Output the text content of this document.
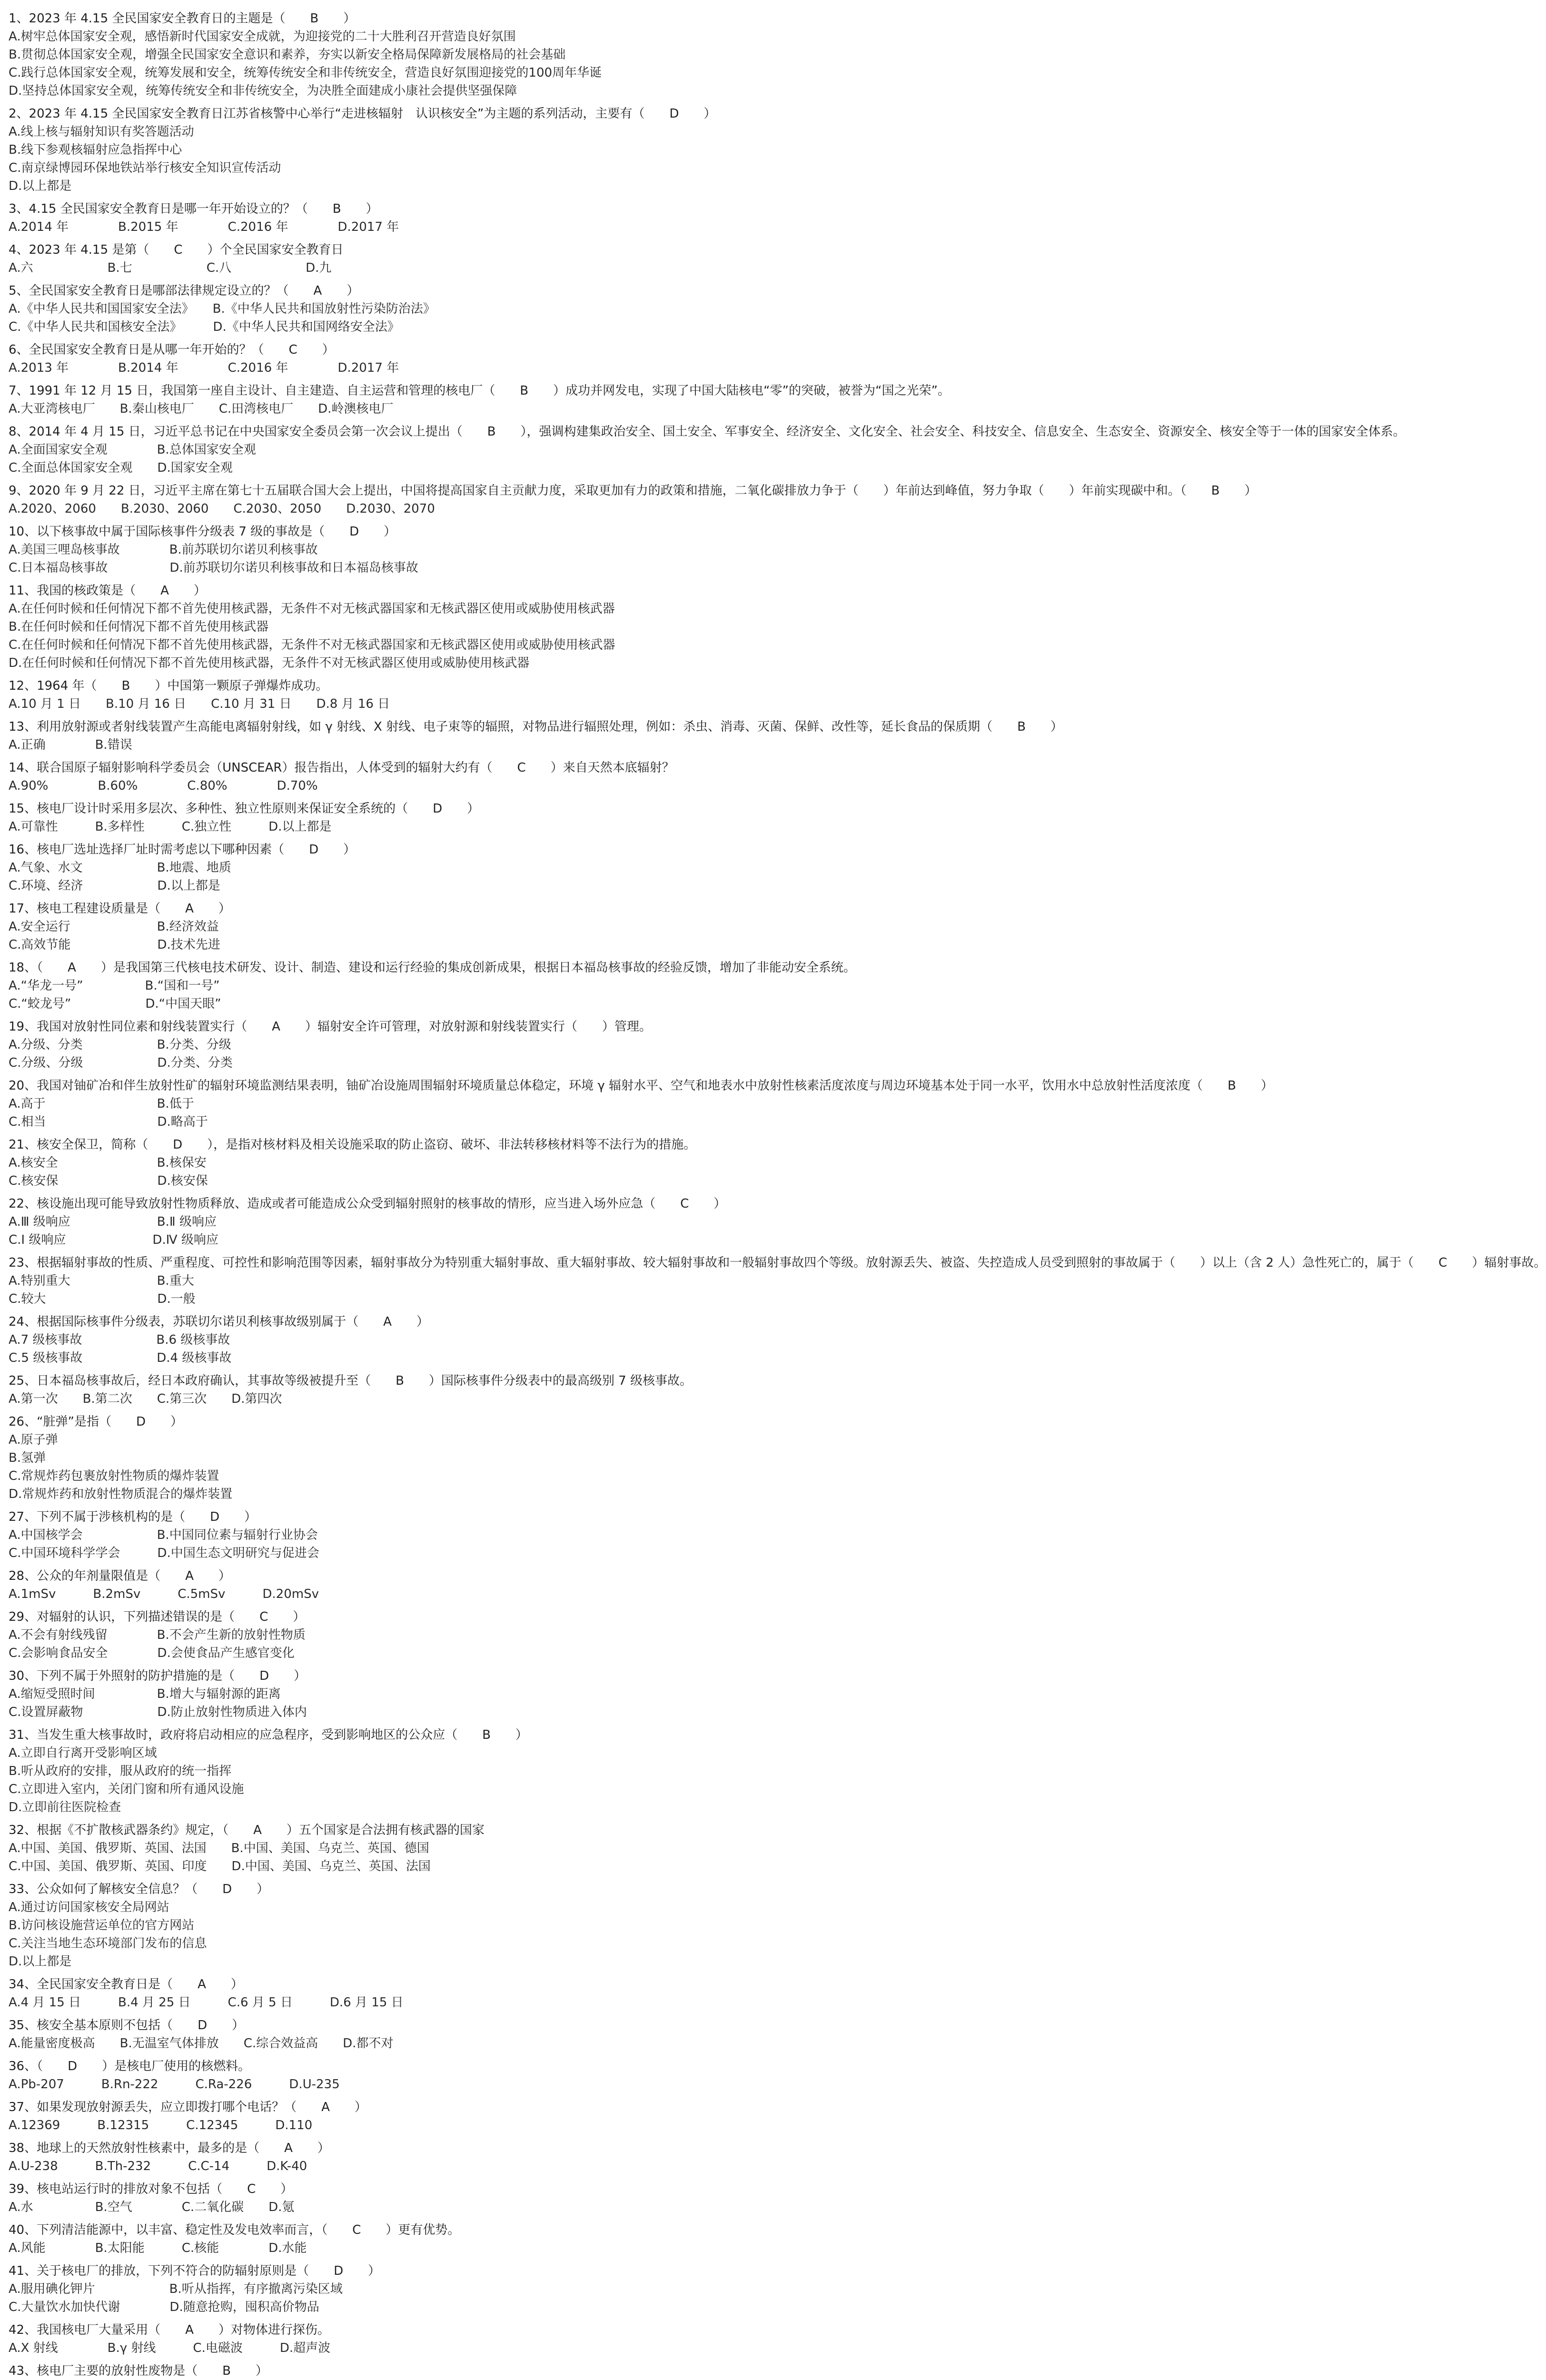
1、2023 年 4.15 全民国家安全教育日的主题是（　　B　　）
A.树牢总体国家安全观，感悟新时代国家安全成就，为迎接党的二十大胜利召开营造良好氛围
B.贯彻总体国家安全观，增强全民国家安全意识和素养，夯实以新安全格局保障新发展格局的社会基础
C.践行总体国家安全观，统筹发展和安全，统筹传统安全和非传统安全，营造良好氛围迎接党的100周年华诞
D.坚持总体国家安全观，统筹传统安全和非传统安全，为决胜全面建成小康社会提供坚强保障
2、2023 年 4.15 全民国家安全教育日江苏省核警中心举行“走进核辐射　认识核安全”为主题的系列活动，主要有（　　D　　）
A.线上核与辐射知识有奖答题活动
B.线下参观核辐射应急指挥中心
C.南京绿博园环保地铁站举行核安全知识宣传活动
D.以上都是
3、4.15 全民国家安全教育日是哪一年开始设立的？（　　B　　）
A.2014 年　　　　B.2015 年　　　　C.2016 年　　　　D.2017 年
4、2023 年 4.15 是第（　　C　　）个全民国家安全教育日
A.六　　　　　　B.七　　　　　　C.八　　　　　　D.九
5、全民国家安全教育日是哪部法律规定设立的？（　　A　　）
A.《中华人民共和国国家安全法》　　B.《中华人民共和国放射性污染防治法》
C.《中华人民共和国核安全法》　　　D.《中华人民共和国网络安全法》
6、全民国家安全教育日是从哪一年开始的？（　　C　　）
A.2013 年　　　　B.2014 年　　　　C.2016 年　　　　D.2017 年
7、1991 年 12 月 15 日，我国第一座自主设计、自主建造、自主运营和管理的核电厂（　　B　　）成功并网发电，实现了中国大陆核电“零”的突破，被誉为“国之光荣”。
A.大亚湾核电厂　　B.秦山核电厂　　C.田湾核电厂　　D.岭澳核电厂
8、2014 年 4 月 15 日，习近平总书记在中央国家安全委员会第一次会议上提出（　　B　　），强调构建集政治安全、国土安全、军事安全、经济安全、文化安全、社会安全、科技安全、信息安全、生态安全、资源安全、核安全等于一体的国家安全体系。
A.全面国家安全观　　　　B.总体国家安全观
C.全面总体国家安全观　　D.国家安全观
9、2020 年 9 月 22 日，习近平主席在第七十五届联合国大会上提出，中国将提高国家自主贡献力度，采取更加有力的政策和措施，二氧化碳排放力争于（　　）年前达到峰值，努力争取（　　）年前实现碳中和。（　　B　　）
A.2020、2060　　B.2030、2060　　C.2030、2050　　D.2030、2070
10、以下核事故中属于国际核事件分级表 7 级的事故是（　　D　　）
A.美国三哩岛核事故　　　　B.前苏联切尔诺贝利核事故
C.日本福岛核事故　　　　　D.前苏联切尔诺贝利核事故和日本福岛核事故
11、我国的核政策是（　　A　　）
A.在任何时候和任何情况下都不首先使用核武器，无条件不对无核武器国家和无核武器区使用或威胁使用核武器
B.在任何时候和任何情况下都不首先使用核武器
C.在任何时候和任何情况下都不首先使用核武器，无条件不对无核武器国家和无核武器区使用或威胁使用核武器
D.在任何时候和任何情况下都不首先使用核武器，无条件不对无核武器区使用或威胁使用核武器
12、1964 年（　　B　　）中国第一颗原子弹爆炸成功。
A.10 月 1 日　　B.10 月 16 日　　C.10 月 31 日　　D.8 月 16 日
13、利用放射源或者射线装置产生高能电离辐射射线，如 γ 射线、X 射线、电子束等的辐照，对物品进行辐照处理，例如：杀虫、消毒、灭菌、保鲜、改性等，延长食品的保质期（　　B　　）
A.正确　　　　B.错误
14、联合国原子辐射影响科学委员会（UNSCEAR）报告指出，人体受到的辐射大约有（　　C　　）来自天然本底辐射？
A.90%　　　　B.60%　　　　C.80%　　　　D.70%
15、核电厂设计时采用多层次、多种性、独立性原则来保证安全系统的（　　D　　）
A.可靠性　　　B.多样性　　　C.独立性　　　D.以上都是
16、核电厂选址选择厂址时需考虑以下哪种因素（　　D　　）
A.气象、水文　　　　　　B.地震、地质
C.环境、经济　　　　　　D.以上都是
17、核电工程建设质量是（　　A　　）
A.安全运行　　　　　　　B.经济效益
C.高效节能　　　　　　　D.技术先进
18、（　　A　　）是我国第三代核电技术研发、设计、制造、建设和运行经验的集成创新成果，根据日本福岛核事故的经验反馈，增加了非能动安全系统。
A.“华龙一号”　　　　　B.“国和一号”
C.“蛟龙号”　　　　　　D.“中国天眼”
19、我国对放射性同位素和射线装置实行（　　A　　）辐射安全许可管理，对放射源和射线装置实行（　　）管理。
A.分级、分类　　　　　　B.分类、分级
C.分级、分级　　　　　　D.分类、分类
20、我国对铀矿冶和伴生放射性矿的辐射环境监测结果表明，铀矿冶设施周围辐射环境质量总体稳定，环境 γ 辐射水平、空气和地表水中放射性核素活度浓度与周边环境基本处于同一水平，饮用水中总放射性活度浓度（　　B　　）
A.高于　　　　　　　　　B.低于
C.相当　　　　　　　　　D.略高于
21、核安全保卫，简称（　　D　　），是指对核材料及相关设施采取的防止盗窃、破坏、非法转移核材料等不法行为的措施。
A.核安全　　　　　　　　B.核保安
C.核安保　　　　　　　　D.核安保
22、核设施出现可能导致放射性物质释放、造成或者可能造成公众受到辐射照射的核事故的情形，应当进入场外应急（　　C　　）
A.Ⅲ 级响应　　　　　　　B.Ⅱ 级响应
C.Ⅰ 级响应　　　　　　　D.Ⅳ 级响应
23、根据辐射事故的性质、严重程度、可控性和影响范围等因素，辐射事故分为特别重大辐射事故、重大辐射事故、较大辐射事故和一般辐射事故四个等级。放射源丢失、被盗、失控造成人员受到照射的事故属于（　　）以上（含 2 人）急性死亡的，属于（　　C　　）辐射事故。
A.特别重大　　　　　　　B.重大
C.较大　　　　　　　　　D.一般
24、根据国际核事件分级表，苏联切尔诺贝利核事故级别属于（　　A　　）
A.7 级核事故　　　　　　B.6 级核事故
C.5 级核事故　　　　　　D.4 级核事故
25、日本福岛核事故后，经日本政府确认，其事故等级被提升至（　　B　　）国际核事件分级表中的最高级别 7 级核事故。
A.第一次　　B.第二次　　C.第三次　　D.第四次
26、“脏弹”是指（　　D　　）
A.原子弹
B.氢弹
C.常规炸药包裹放射性物质的爆炸装置
D.常规炸药和放射性物质混合的爆炸装置
27、下列不属于涉核机构的是（　　D　　）
A.中国核学会　　　　　　B.中国同位素与辐射行业协会
C.中国环境科学学会　　　D.中国生态文明研究与促进会
28、公众的年剂量限值是（　　A　　）
A.1mSv　　　B.2mSv　　　C.5mSv　　　D.20mSv
29、对辐射的认识，下列描述错误的是（　　C　　）
A.不会有射线残留　　　　B.不会产生新的放射性物质
C.会影响食品安全　　　　D.会使食品产生感官变化
30、下列不属于外照射的防护措施的是（　　D　　）
A.缩短受照时间　　　　　B.增大与辐射源的距离
C.设置屏蔽物　　　　　　D.防止放射性物质进入体内
31、当发生重大核事故时，政府将启动相应的应急程序，受到影响地区的公众应（　　B　　）
A.立即自行离开受影响区域
B.听从政府的安排，服从政府的统一指挥
C.立即进入室内，关闭门窗和所有通风设施
D.立即前往医院检查
32、根据《不扩散核武器条约》规定，（　　A　　）五个国家是合法拥有核武器的国家
A.中国、美国、俄罗斯、英国、法国　　B.中国、美国、乌克兰、英国、德国
C.中国、美国、俄罗斯、英国、印度　　D.中国、美国、乌克兰、英国、法国
33、公众如何了解核安全信息？（　　D　　）
A.通过访问国家核安全局网站
B.访问核设施营运单位的官方网站
C.关注当地生态环境部门发布的信息
D.以上都是
34、全民国家安全教育日是（　　A　　）
A.4 月 15 日　　　B.4 月 25 日　　　C.6 月 5 日　　　D.6 月 15 日
35、核安全基本原则不包括（　　D　　）
A.能量密度极高　　B.无温室气体排放　　C.综合效益高　　D.都不对
36、（　　D　　）是核电厂使用的核燃料。
A.Pb-207　　　B.Rn-222　　　C.Ra-226　　　D.U-235
37、如果发现放射源丢失，应立即拨打哪个电话？（　　A　　）
A.12369　　　B.12315　　　C.12345　　　D.110
38、地球上的天然放射性核素中，最多的是（　　A　　）
A.U-238　　　B.Th-232　　　C.C-14　　　D.K-40
39、核电站运行时的排放对象不包括（　　C　　）
A.水　　　　　B.空气　　　　C.二氧化碳　　D.氪
40、下列清洁能源中，以丰富、稳定性及发电效率而言，（　　C　　）更有优势。
A.风能　　　　B.太阳能　　　C.核能　　　　D.水能
41、关于核电厂的排放，下列不符合的防辐射原则是（　　D　　）
A.服用碘化钾片　　　　　　B.听从指挥，有序撤离污染区域
C.大量饮水加快代谢　　　　D.随意抢购，囤积高价物品
42、我国核电厂大量采用（　　A　　）对物体进行探伤。
A.X 射线　　　　B.γ 射线　　　C.电磁波　　　D.超声波
43、核电厂主要的放射性废物是（　　B　　）
